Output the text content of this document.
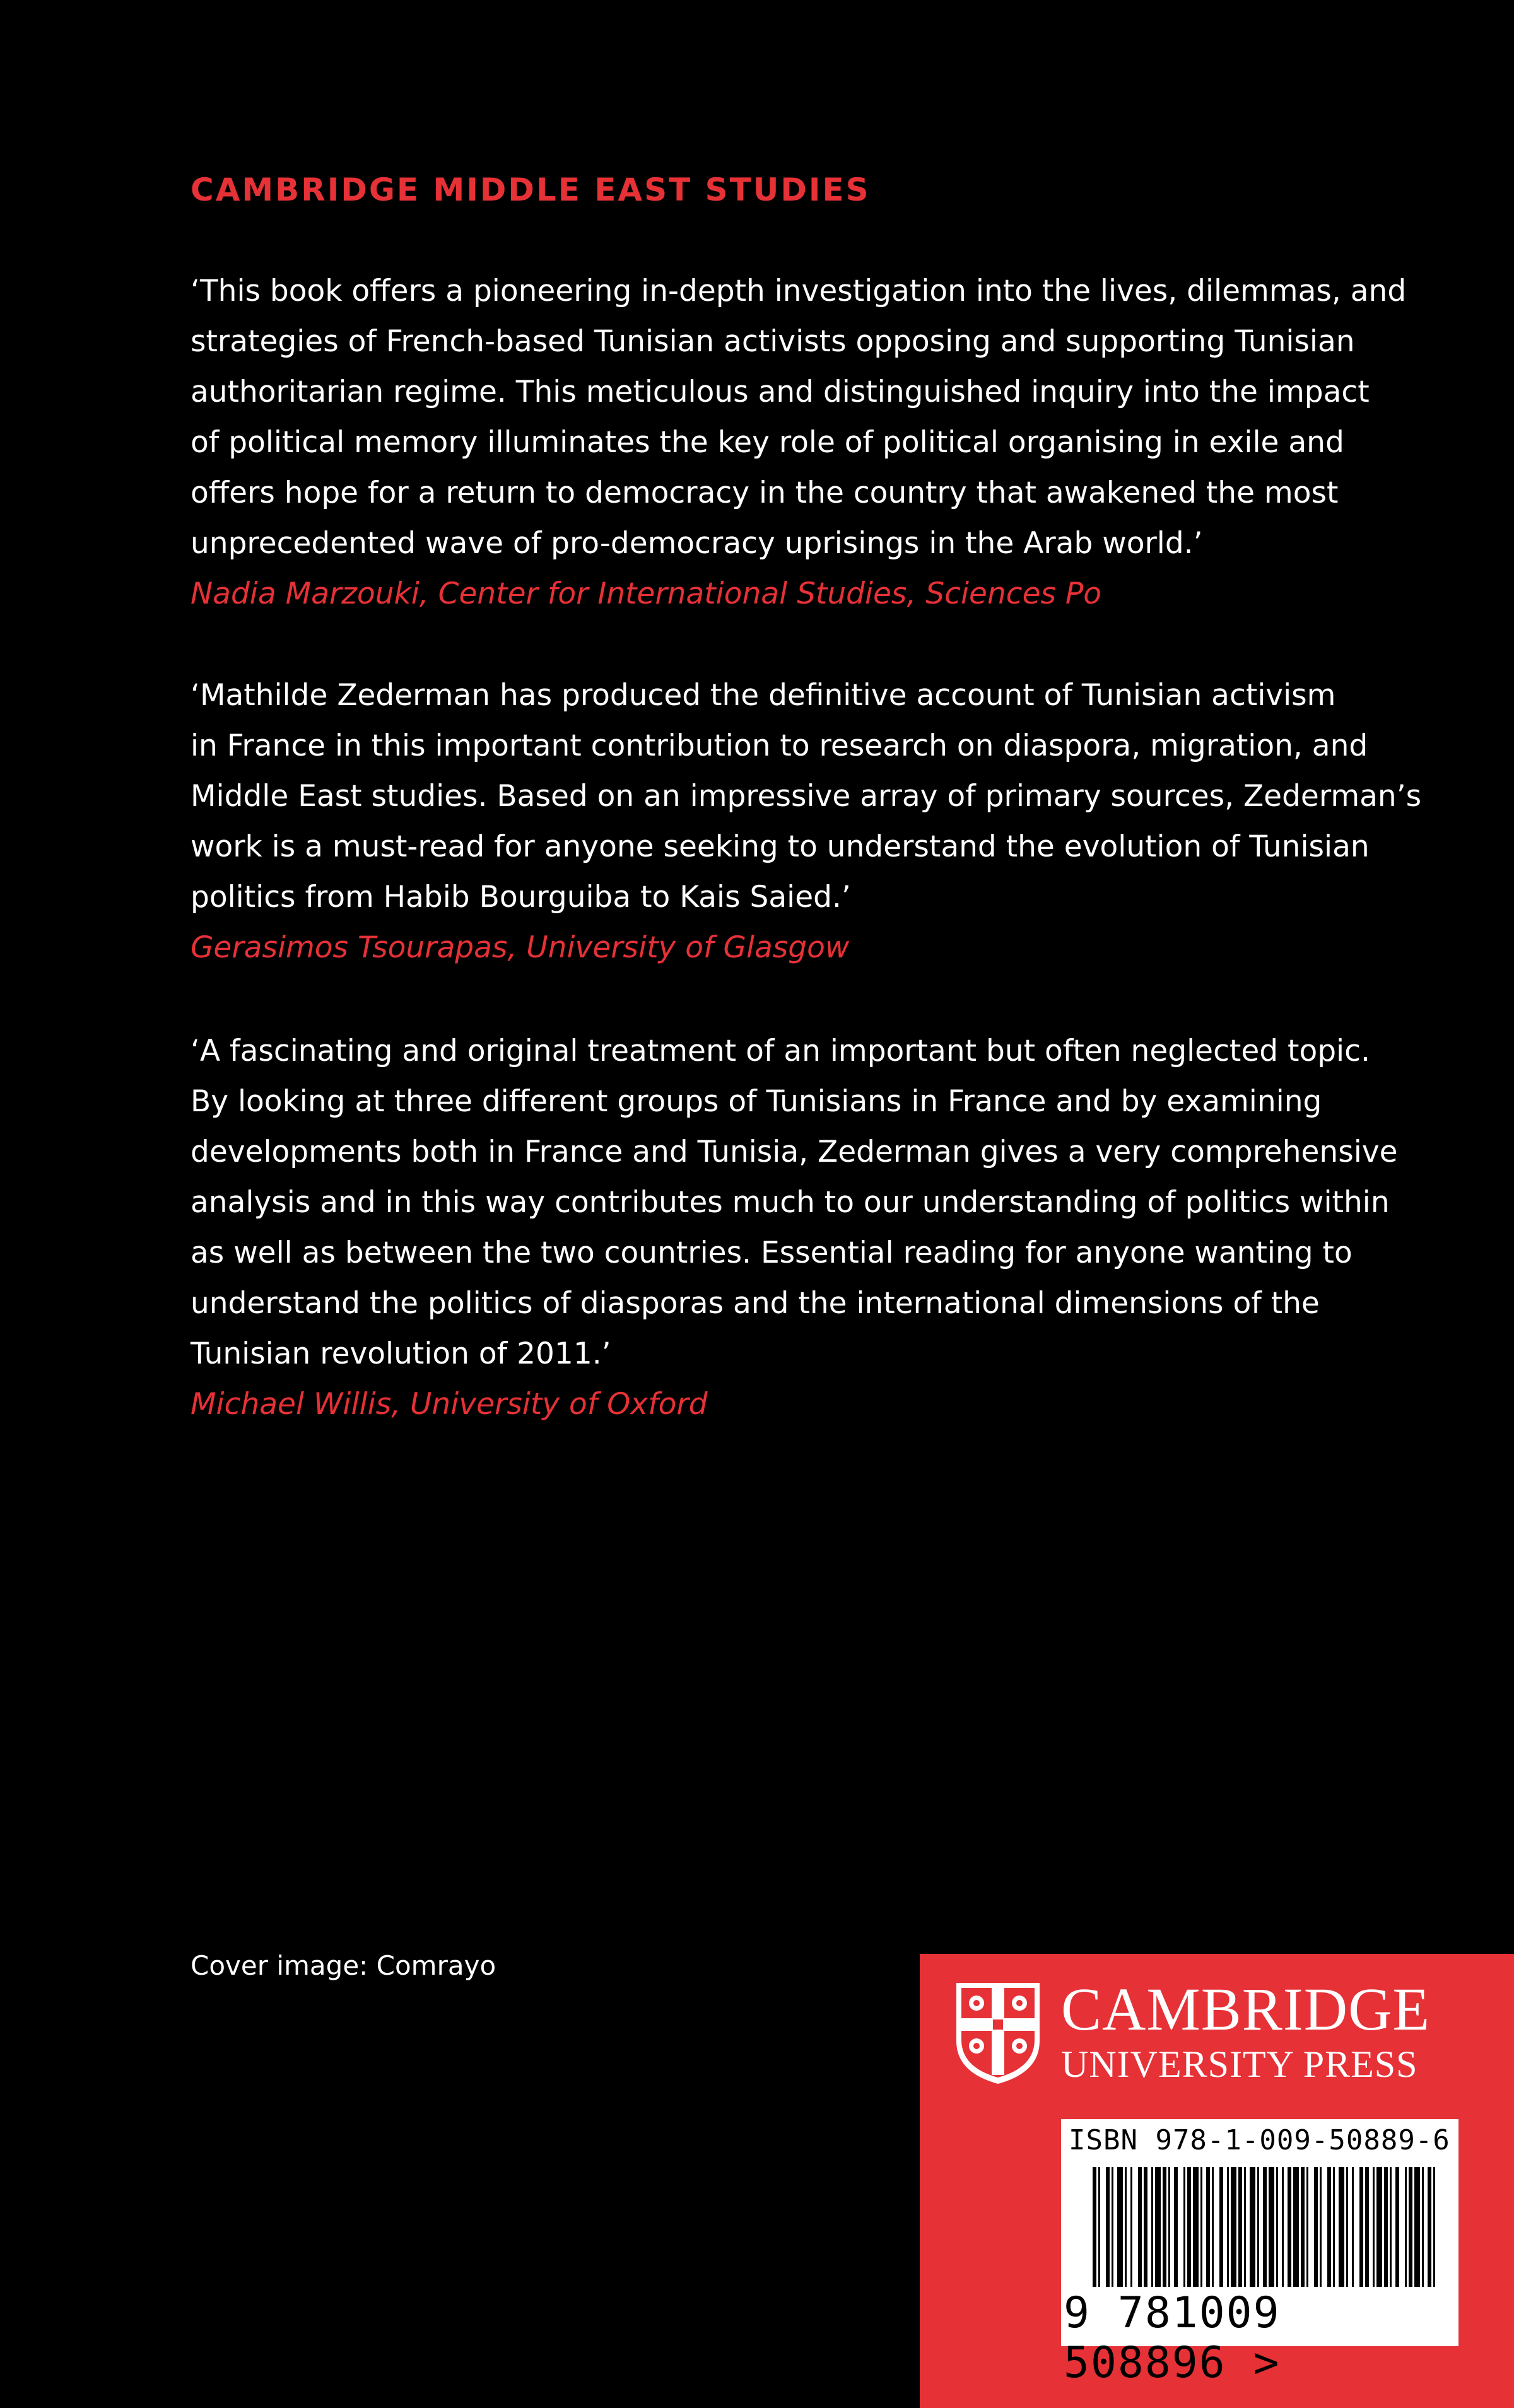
CAMBRIDGE MIDDLE EAST STUDIES

‘This book offers a pioneering in-depth investigation into the lives, dilemmas, and
strategies of French-based Tunisian activists opposing and supporting Tunisian
authoritarian regime. This meticulous and distinguished inquiry into the impact
of political memory illuminates the key role of political organising in exile and
offers hope for a return to democracy in the country that awakened the most
unprecedented wave of pro-democracy uprisings in the Arab world.’

Nadia Marzouki, Center for International Studies, Sciences Po

‘Mathilde Zederman has produced the definitive account of Tunisian activism
in France in this important contribution to research on diaspora, migration, and
Middle East studies. Based on an impressive array of primary sources, Zederman’s
work is a must-read for anyone seeking to understand the evolution of Tunisian
politics from Habib Bourguiba to Kais Saied.’

Gerasimos Tsourapas, University of Glasgow

‘A fascinating and original treatment of an important but often neglected topic.
By looking at three different groups of Tunisians in France and by examining
developments both in France and Tunisia, Zederman gives a very comprehensive
analysis and in this way contributes much to our understanding of politics within
as well as between the two countries. Essential reading for anyone wanting to
understand the politics of diasporas and the international dimensions of the
Tunisian revolution of 2011.’

Michael Willis, University of Oxford

Cover image: Comrayo

CAMBRIDGE
UNIVERSITY PRESS

ISBN 978-1-009-50889-6

9 781009 508896 >
